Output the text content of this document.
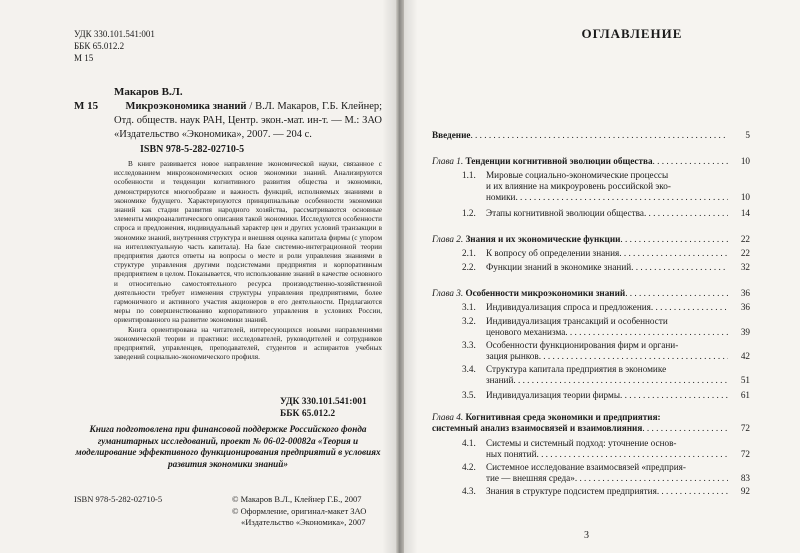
УДК 330.101.541:001
ББК 65.012.2
М 15
Макаров В.Л.
М 15	Микроэкономика знаний / В.Л. Макаров, Г.Б. Клейнер; Отд. обществ. наук РАН, Центр. экон.-мат. ин-т. — М.: ЗАО «Издательство «Экономика», 2007. — 204 с.
ISBN 978-5-282-02710-5

В книге развивается новое направление экономической науки, связанное с исследованием микроэкономических основ экономики знаний. Анализируются особенности и тенденции когнитивного развития общества и экономики, демонстрируются многообразие и важность функций, исполняемых знаниями в экономике будущего. Характеризуются принципиальные особенности экономики знаний как стадии развития народного хозяйства, рассматриваются основные элементы микроаналитического описания такой экономики. Исследуются особенности спроса и предложения, индивидуальный характер цен и других условий транзакции в экономике знаний, внутренняя структура и внешняя оценка капитала фирмы (с упором на интеллектуальную часть капитала). На базе системно-интеграционной теории предприятия даются ответы на вопросы о месте и роли управления знаниями в структуре управления другими подсистемами предприятия и корпоративным предприятием в целом. Показывается, что использование знаний в качестве основного и относительно самостоятельного ресурса производственно-хозяйственной деятельности требует изменения структуры управления предприятиями, более гармоничного и активного участия акционеров в его деятельности. Предлагаются меры по совершенствованию корпоративного управления в условиях России, ориентированного на развитие экономики знаний.

Книга ориентирована на читателей, интересующихся новыми направлениями экономической теории и практики: исследователей, руководителей и сотрудников предприятий, управленцев, преподавателей, студентов и аспирантов учебных заведений социально-экономического профиля.

УДК 330.101.541:001
ББК 65.012.2
Книга подготовлена при финансовой поддержке Российского фонда гуманитарных исследований, проект № 06-02-00082а «Теория и моделирование эффективного функционирования предприятий в условиях развития экономики знаний»
ISBN 978-5-282-02710-5	© Макаров В.Л., Клейнер Г.Б., 2007
© Оформление, оригинал-макет ЗАО
«Издательство «Экономика», 2007
ОГЛАВЛЕНИЕ
Введение . . .	5
Глава 1. Тенденции когнитивной эволюции общества . . .	10
1.1. Мировые социально-экономические процессы
и их влияние на микроуровень российской эко-
номики . . .	10
1.2. Этапы когнитивной эволюции общества . . .	14
Глава 2. Знания и их экономические функции . . .	22
2.1. К вопросу об определении знания . . .	22
2.2. Функции знаний в экономике знаний . . .	32
Глава 3. Особенности микроэкономики знаний . . .	36
3.1. Индивидуализация спроса и предложения . . .	36
3.2. Индивидуализация трансакций и особенности
ценового механизма . . .	39
3.3. Особенности функционирования фирм и органи-
зация рынков . . .	42
3.4. Структура капитала предприятия в экономике
знаний . . .	51
3.5. Индивидуализация теории фирмы . . .	61
Глава 4. Когнитивная среда экономики и предприятия:
системный анализ взаимосвязей и взаимовлияния . . .	72
4.1. Системы и системный подход: уточнение основ-
ных понятий . . .	72
4.2. Системное исследование взаимосвязей «предприя-
тие — внешняя среда» . . .	83
4.3. Знания в структуре подсистем предприятия . . .	92
3
